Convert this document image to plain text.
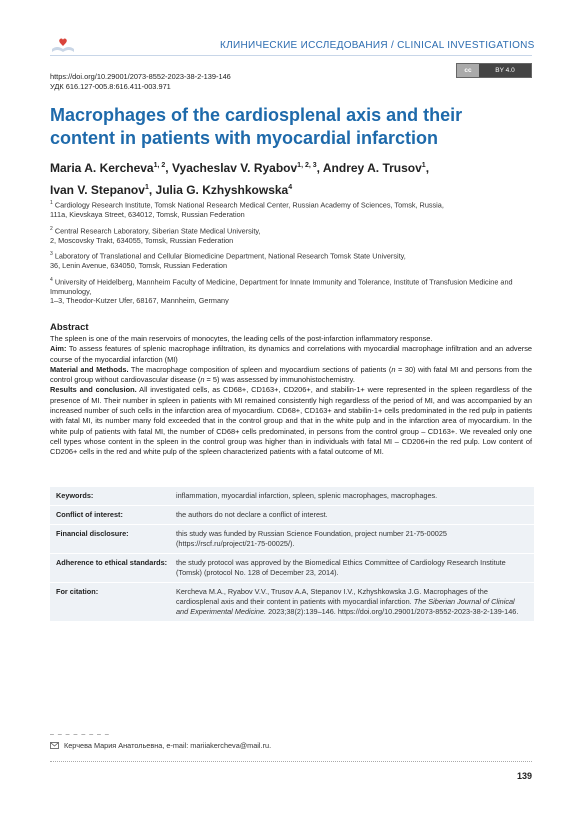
КЛИНИЧЕСКИЕ ИССЛЕДОВАНИЯ / CLINICAL INVESTIGATIONS
https://doi.org/10.29001/2073-8552-2023-38-2-139-146
УДК 616.127-005.8:616.411-003.971
cc	BY 4.0
Macrophages of the cardiosplenal axis and their content in patients with myocardial infarction
Maria A. Kercheva$^{1, 2}$, Vyacheslav V. Ryabov$^{1, 2, 3}$, Andrey A. Trusov$^1$,
Ivan V. Stepanov$^1$, Julia G. Kzhyshkowska$^4$
$^1$ Cardiology Research Institute, Tomsk National Research Medical Center, Russian Academy of Sciences, Tomsk, Russia,
111a, Kievskaya Street, 634012, Tomsk, Russian Federation
$^2$ Central Research Laboratory, Siberian State Medical University,
2, Moscovsky Trakt, 634055, Tomsk, Russian Federation
$^3$ Laboratory of Translational and Cellular Biomedicine Department, National Research Tomsk State University,
36, Lenin Avenue, 634050, Tomsk, Russian Federation
$^4$ University of Heidelberg, Mannheim Faculty of Medicine, Department for Innate Immunity and Tolerance, Institute of Transfusion Medicine and Immunology,
1–3, Theodor-Kutzer Ufer, 68167, Mannheim, Germany
Abstract

The spleen is one of the main reservoirs of monocytes, the leading cells of the post-infarction inflammatory response.

Aim: To assess features of splenic macrophage infiltration, its dynamics and correlations with myocardial macrophage infiltration and an adverse course of the myocardial infarction (MI)

Material and Methods. The macrophage composition of spleen and myocardium sections of patients (n = 30) with fatal MI and persons from the control group without cardiovascular disease (n = 5) was assessed by immunohistochemistry.

Results and conclusion. All investigated cells, as CD68+, CD163+, CD206+, and stabilin-1+ were represented in the spleen regardless of the presence of MI. Their number in spleen in patients with MI remained consistently high regardless of the period of MI, and was accompanied by an increased number of such cells in the infarction area of myocardium. CD68+, CD163+ and stabilin-1+ cells predominated in the red pulp in patients with fatal MI, its number many fold exceeded that in the control group and that in the white pulp and in the infarction area of myocardium. In the white pulp of patients with fatal MI, the number of CD68+ cells predominated, in persons from the control group – CD163+. We revealed only one cell types whose content in the spleen in the control group was higher than in individuals with fatal MI – CD206+in the red pulp. Low content of CD206+ cells in the red and white pulp of the spleen characterized patients with a fatal outcome of MI.

Keywords:	inflammation, myocardial infarction, spleen, splenic macrophages, macrophages.
Conflict of interest:	the authors do not declare a conflict of interest.
Financial disclosure:	this study was funded by Russian Science Foundation, project number 21-75-00025 (https://rscf.ru/project/21-75-00025/).
Adherence to ethical standards:	the study protocol was approved by the Biomedical Ethics Committee of Cardiology Research Institute (Tomsk) (protocol No. 128 of December 23, 2014).
For citation:	Kercheva M.A., Ryabov V.V., Trusov A.A, Stepanov I.V., Kzhyshkowska J.G. Macrophages of the cardiosplenal axis and their content in patients with myocardial infarction. The Siberian Journal of Clinical and Experimental Medicine. 2023;38(2):139–146. https://doi.org/10.29001/2073-8552-2023-38-2-139-146.
– – – – – – – –
Керчева Мария Анатольевна, e-mail: mariiakercheva@mail.ru.
139
